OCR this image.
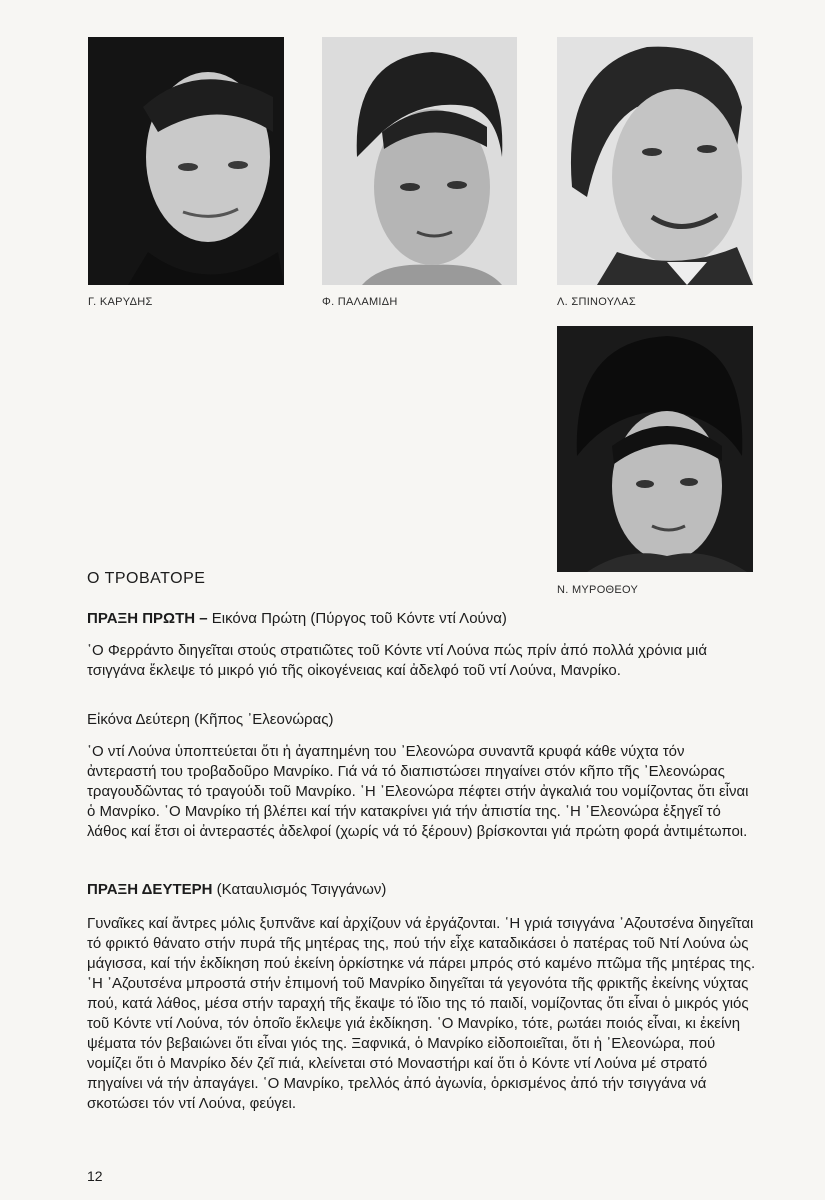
Γ. ΚΑΡΥΔΗΣ	Φ. ΠΑΛΑΜΙΔΗ	Λ. ΣΠΙΝΟΥΛΑΣ
Ν. ΜΥΡΟΘΕΟΥ
Ο ΤΡΟΒΑΤΟΡΕ
ΠΡΑΞΗ ΠΡΩΤΗ – Εικόνα Πρώτη (Πύργος τοῦ Κόντε ντί Λούνα)

῾Ο Φερράντο διηγεῖται στούς στρατιῶτες τοῦ Κόντε ντί Λούνα πώς πρίν ἀπό πολλά χρόνια μιά τσιγγάνα ἔκλεψε τό μικρό γιό τῆς οἰκογένειας καί ἀδελφό τοῦ ντί Λούνα, Μανρίκο.

Εἰκόνα Δεύτερη (Κῆπος ᾽Ελεονώρας)

῾Ο ντί Λούνα ὑποπτεύεται ὅτι ἡ ἀγαπημένη του ᾽Ελεονώρα συναντᾶ κρυφά κάθε νύχτα τόν ἀντεραστή του τροβαδοῦρο Μανρίκο. Γιά νά τό διαπιστώσει πηγαίνει στόν κῆπο τῆς ᾽Ελεονώρας τραγουδῶντας τό τραγούδι τοῦ Μανρίκο. ῾Η ᾽Ελεονώρα πέφτει στήν ἀγκαλιά του νομίζοντας ὅτι εἶναι ὁ Μανρίκο. ῾Ο Μανρίκο τή βλέπει καί τήν κατακρίνει γιά τήν ἀπιστία της. ῾Η ᾽Ελεονώρα ἐξηγεῖ τό λάθος καί ἔτσι οἱ ἀντεραστές ἀδελφοί (χωρίς νά τό ξέρουν) βρίσκονται γιά πρώτη φορά ἀντιμέτωποι.

ΠΡΑΞΗ ΔΕΥΤΕΡΗ (Καταυλισμός Τσιγγάνων)

Γυναῖκες καί ἄντρες μόλις ξυπνᾶνε καί ἀρχίζουν νά ἐργάζονται. ῾Η γριά τσιγγάνα ᾽Αζουτσένα διηγεῖται τό φρικτό θάνατο στήν πυρά τῆς μητέρας της, πού τήν εἶχε καταδικάσει ὁ πατέρας τοῦ Ντί Λούνα ὡς μάγισσα, καί τήν ἐκδίκηση πού ἐκείνη ὁρκίστηκε νά πάρει μπρός στό καμένο πτῶμα τῆς μητέρας της. ῾Η ᾽Αζουτσένα μπροστά στήν ἐπιμονή τοῦ Μανρίκο διηγεῖται τά γεγονότα τῆς φρικτῆς ἐκείνης νύχτας πού, κατά λάθος, μέσα στήν ταραχή τῆς ἔκαψε τό ἴδιο της τό παιδί, νομίζοντας ὅτι εἶναι ὁ μικρός γιός τοῦ Κόντε ντί Λούνα, τόν ὁποῖο ἔκλεψε γιά ἐκδίκηση. ῾Ο Μανρίκο, τότε, ρωτάει ποιός εἶναι, κι ἐκείνη ψέματα τόν βεβαιώνει ὅτι εἶναι γιός της. Ξαφνικά, ὁ Μανρίκο εἰδοποιεῖται, ὅτι ἡ ᾽Ελεονώρα, πού νομίζει ὅτι ὁ Μανρίκο δέν ζεῖ πιά, κλείνεται στό Μοναστήρι καί ὅτι ὁ Κόντε ντί Λούνα μέ στρατό πηγαίνει νά τήν ἀπαγάγει. ῾Ο Μανρίκο, τρελλός ἀπό ἀγωνία, ὁρκισμένος ἀπό τήν τσιγγάνα νά σκοτώσει τόν ντί Λούνα, φεύγει.

12
